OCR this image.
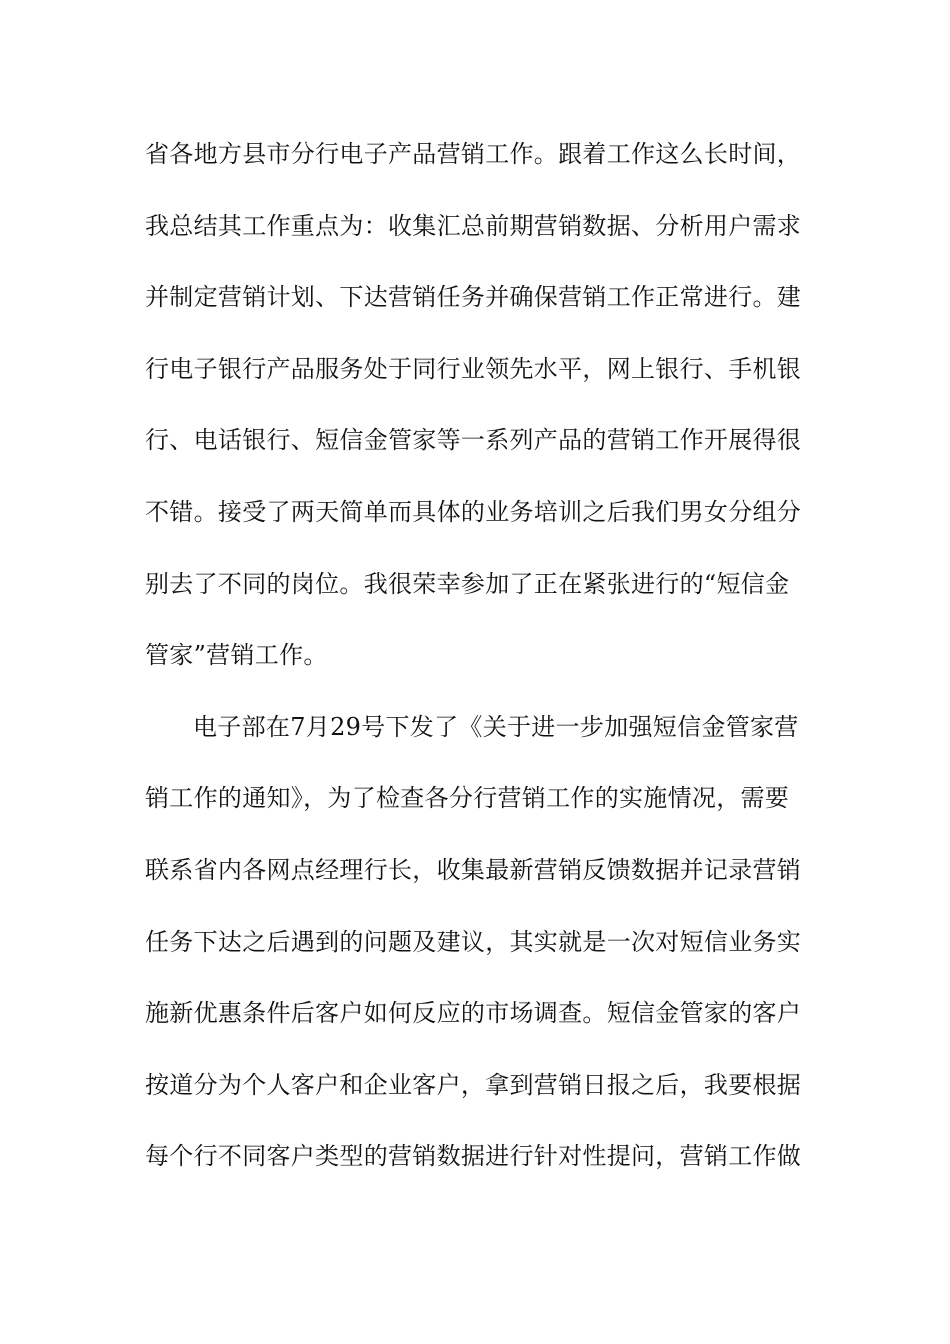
省各地方县市分行电子产品营销工作。跟着工作这么长时间，
我总结其工作重点为：收集汇总前期营销数据、分析用户需求
并制定营销计划、下达营销任务并确保营销工作正常进行。建
行电子银行产品服务处于同行业领先水平，网上银行、手机银
行、电话银行、短信金管家等一系列产品的营销工作开展得很
不错。接受了两天简单而具体的业务培训之后我们男女分组分
别去了不同的岗位。我很荣幸参加了正在紧张进行的“短信金
管家”营销工作。
电子部在7月29号下发了《关于进一步加强短信金管家营
销工作的通知》，为了检查各分行营销工作的实施情况，需要
联系省内各网点经理行长，收集最新营销反馈数据并记录营销
任务下达之后遇到的问题及建议，其实就是一次对短信业务实
施新优惠条件后客户如何反应的市场调查。短信金管家的客户
按道分为个人客户和企业客户，拿到营销日报之后，我要根据
每个行不同客户类型的营销数据进行针对性提问，营销工作做
